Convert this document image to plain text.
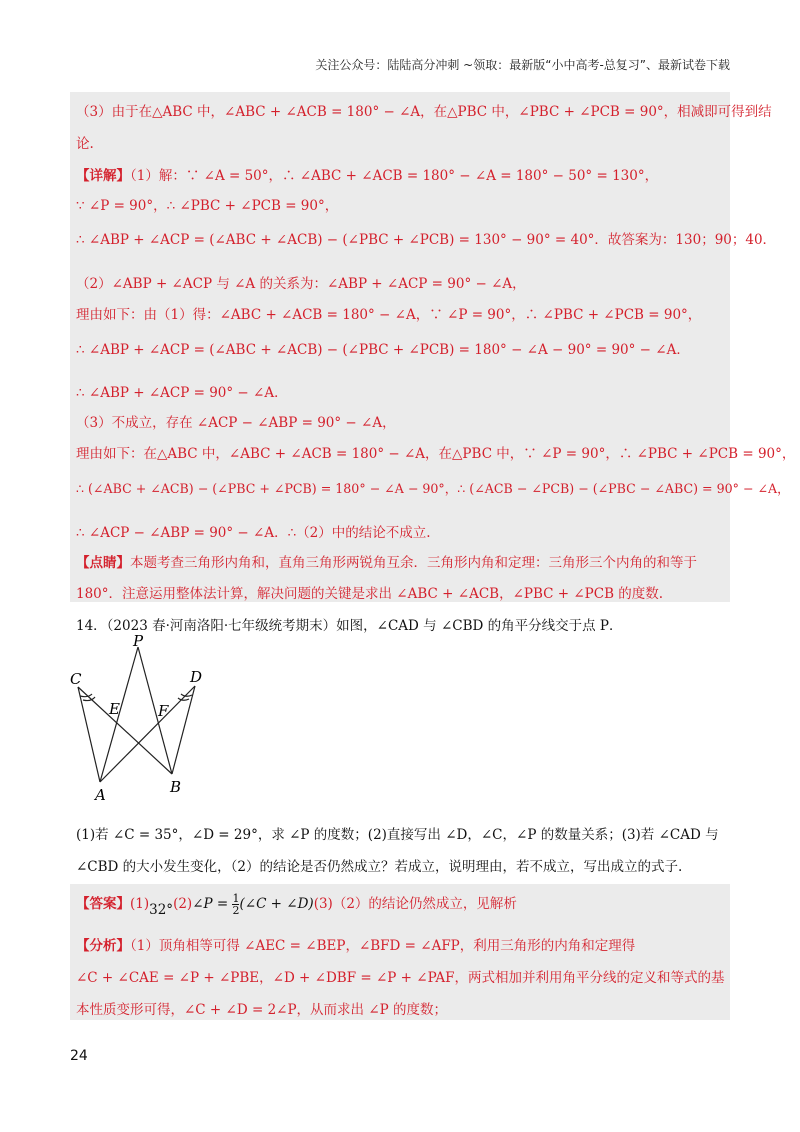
关注公众号：陆陆高分冲刺 ~领取：最新版“小中高考-总复习”、最新试卷下载
（3）由于在△ABC 中，∠ABC + ∠ACB = 180° − ∠A，在△PBC 中，∠PBC + ∠PCB = 90°，相减即可得到结
论.
【详解】（1）解：∵ ∠A = 50°，∴ ∠ABC + ∠ACB = 180° − ∠A = 180° − 50° = 130°，
∵ ∠P = 90°，∴ ∠PBC + ∠PCB = 90°，
∴ ∠ABP + ∠ACP = (∠ABC + ∠ACB) − (∠PBC + ∠PCB) = 130° − 90° = 40°．故答案为：130；90；40．
（2）∠ABP + ∠ACP 与 ∠A 的关系为：∠ABP + ∠ACP = 90° − ∠A，
理由如下：由（1）得：∠ABC + ∠ACB = 180° − ∠A，∵ ∠P = 90°，∴ ∠PBC + ∠PCB = 90°，
∴ ∠ABP + ∠ACP = (∠ABC + ∠ACB) − (∠PBC + ∠PCB) = 180° − ∠A − 90° = 90° − ∠A．
∴ ∠ABP + ∠ACP = 90° − ∠A．
（3）不成立，存在 ∠ACP − ∠ABP = 90° − ∠A，
理由如下：在△ABC 中，∠ABC + ∠ACB = 180° − ∠A，在△PBC 中，∵ ∠P = 90°，∴ ∠PBC + ∠PCB = 90°，
∴ (∠ABC + ∠ACB) − (∠PBC + ∠PCB) = 180° − ∠A − 90°，∴ (∠ACB − ∠PCB) − (∠PBC − ∠ABC) = 90° − ∠A，
∴ ∠ACP − ∠ABP = 90° − ∠A．∴（2）中的结论不成立.
【点睛】本题考查三角形内角和，直角三角形两锐角互余．三角形内角和定理：三角形三个内角的和等于
180°．注意运用整体法计算，解决问题的关键是求出 ∠ABC + ∠ACB，∠PBC + ∠PCB 的度数.
14．（2023 春·河南洛阳·七年级统考期末）如图，∠CAD 与 ∠CBD 的角平分线交于点 P．
C
P
D
E	F
A	B
(1)若 ∠C = 35°，∠D = 29°，求 ∠P 的度数；(2)直接写出 ∠D，∠C，∠P 的数量关系；(3)若 ∠CAD 与
∠CBD 的大小发生变化，（2）的结论是否仍然成立？若成立，说明理由，若不成立，写出成立的式子.
【答案】(1)32°(2)∠P = $\frac{1}{2}$ (∠C + ∠D)(3)（2）的结论仍然成立，见解析
【分析】（1）顶角相等可得 ∠AEC = ∠BEP，∠BFD = ∠AFP，利用三角形的内角和定理得
∠C + ∠CAE = ∠P + ∠PBE，∠D + ∠DBF = ∠P + ∠PAF，两式相加并利用角平分线的定义和等式的基
本性质变形可得，∠C + ∠D = 2∠P，从而求出 ∠P 的度数；
24
